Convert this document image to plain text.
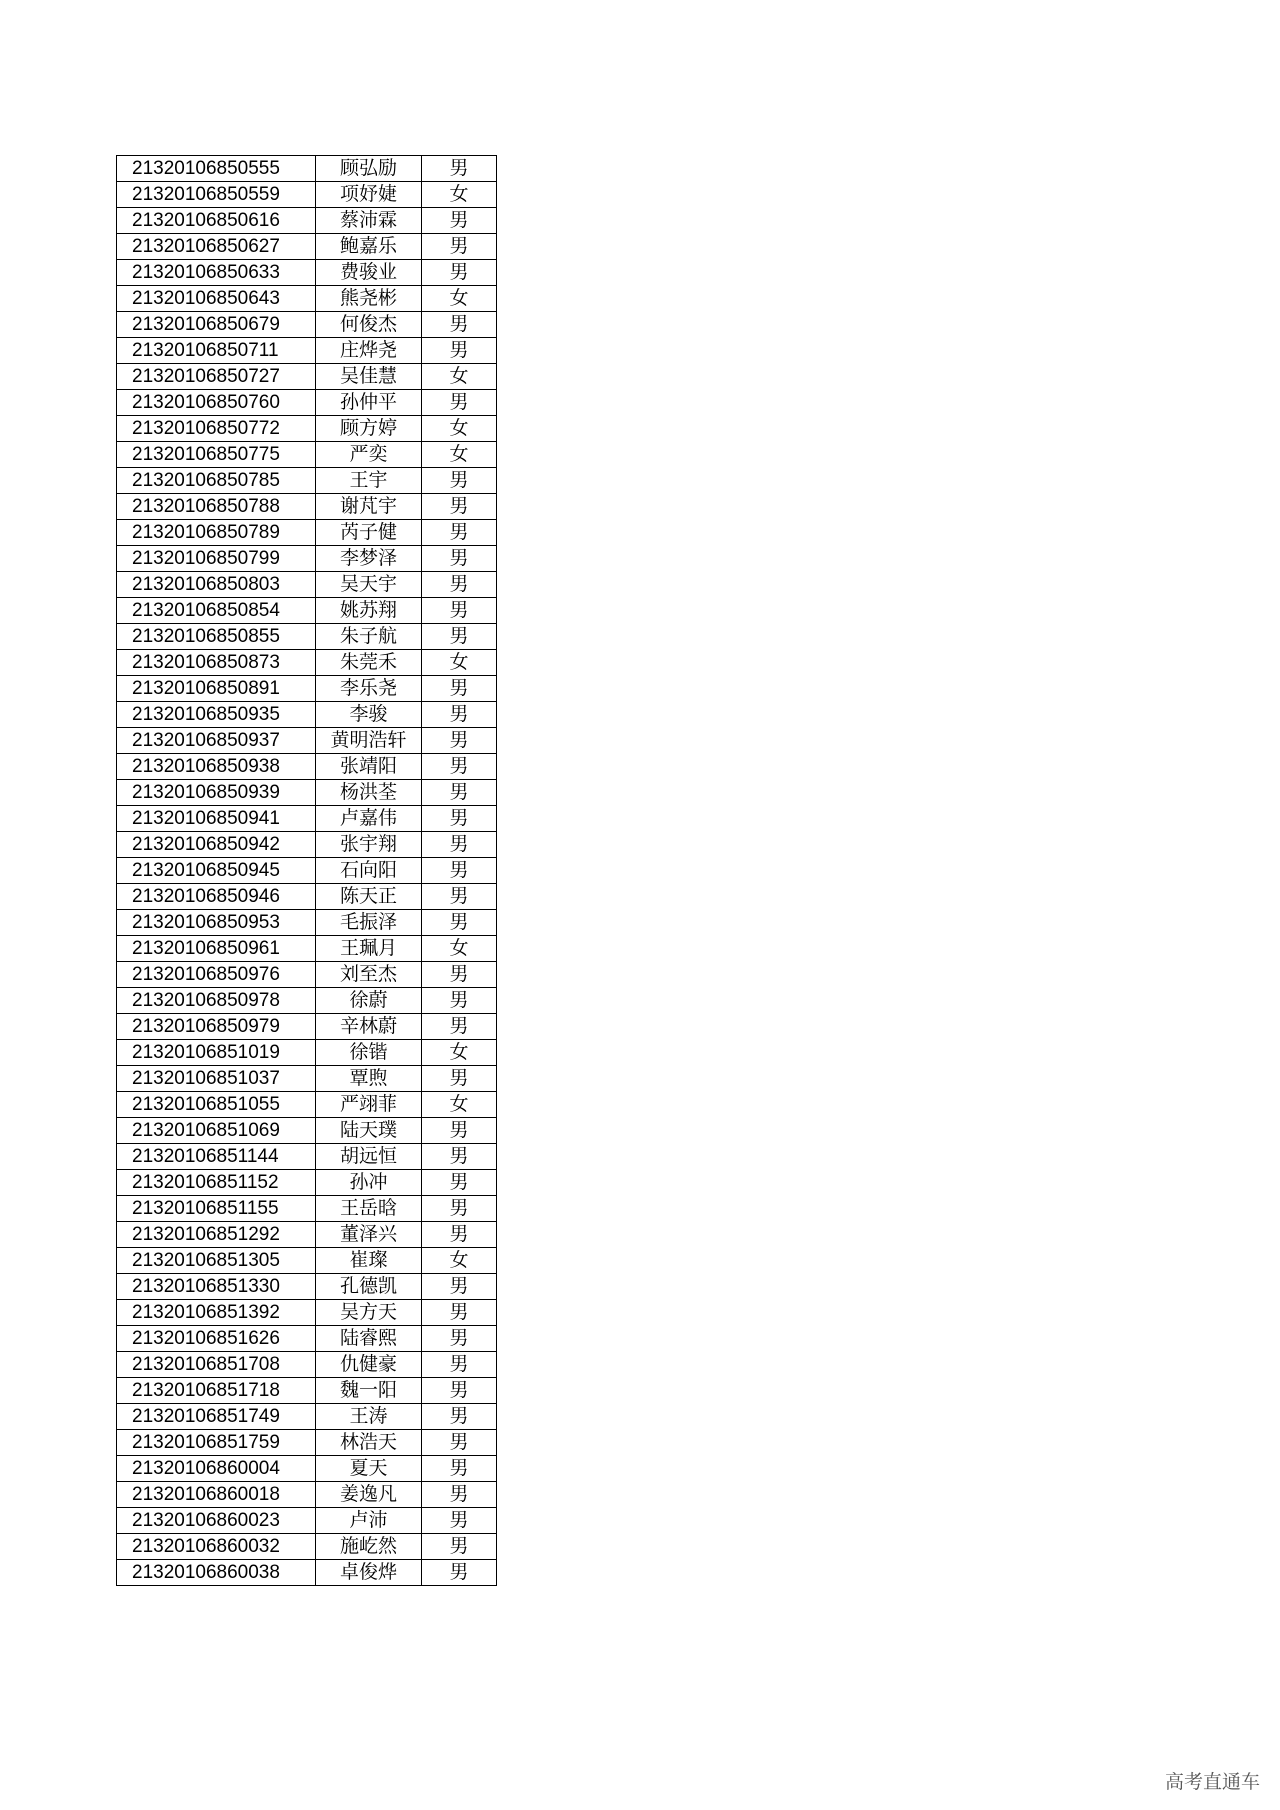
21320106850555	顾弘励	男
21320106850559	项妤婕	女
21320106850616	蔡沛霖	男
21320106850627	鲍嘉乐	男
21320106850633	费骏业	男
21320106850643	熊尧彬	女
21320106850679	何俊杰	男
21320106850711	庄烨尧	男
21320106850727	吴佳慧	女
21320106850760	孙仲平	男
21320106850772	顾方婷	女
21320106850775	严奕	女
21320106850785	王宇	男
21320106850788	谢芃宇	男
21320106850789	芮子健	男
21320106850799	李梦泽	男
21320106850803	吴天宇	男
21320106850854	姚苏翔	男
21320106850855	朱子航	男
21320106850873	朱莞禾	女
21320106850891	李乐尧	男
21320106850935	李骏	男
21320106850937	黄明浩轩	男
21320106850938	张靖阳	男
21320106850939	杨洪荃	男
21320106850941	卢嘉伟	男
21320106850942	张宇翔	男
21320106850945	石向阳	男
21320106850946	陈天正	男
21320106850953	毛振泽	男
21320106850961	王珮月	女
21320106850976	刘至杰	男
21320106850978	徐蔚	男
21320106850979	辛林蔚	男
21320106851019	徐锴	女
21320106851037	覃煦	男
21320106851055	严翊菲	女
21320106851069	陆天璞	男
21320106851144	胡远恒	男
21320106851152	孙冲	男
21320106851155	王岳晗	男
21320106851292	董泽兴	男
21320106851305	崔璨	女
21320106851330	孔德凯	男
21320106851392	吴方天	男
21320106851626	陆睿熙	男
21320106851708	仇健豪	男
21320106851718	魏一阳	男
21320106851749	王涛	男
21320106851759	林浩天	男
21320106860004	夏天	男
21320106860018	姜逸凡	男
21320106860023	卢沛	男
21320106860032	施屹然	男
21320106860038	卓俊烨	男
高考直通车
